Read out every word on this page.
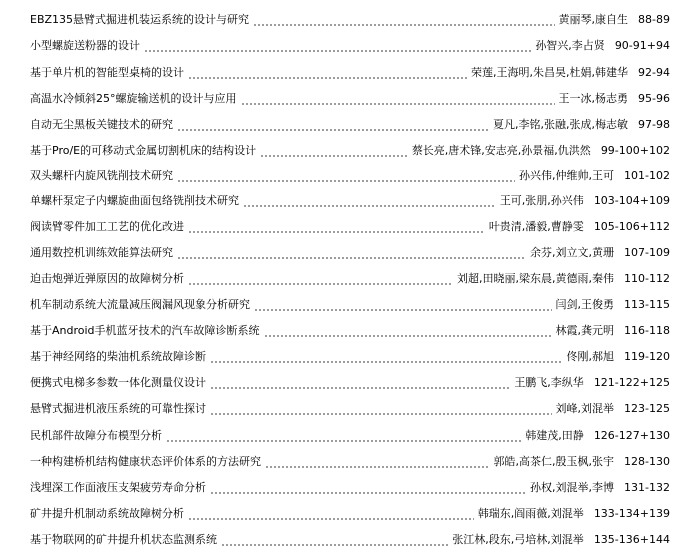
EBZ135悬臂式掘进机装运系统的设计与研究	黄丽琴,康自生 88-89
小型螺旋送粉器的设计	孙智兴,李占贤 90-91+94
基于单片机的智能型桌椅的设计	荣莲,王海明,朱昌昊,杜娟,韩建华 92-94
高温水冷倾斜25°螺旋输送机的设计与应用	王一冰,杨志勇 95-96
自动无尘黑板关键技术的研究	夏凡,李铭,张融,张成,梅志敏 97-98
基于Pro/E的可移动式金属切割机床的结构设计	蔡长亮,唐术锋,安志亮,孙景福,仇洪然 99-100+102
双头螺杆内旋风铣削技术研究	孙兴伟,仲维帅,王可 101-102
单螺杆泵定子内螺旋曲面包络铣削技术研究	王可,张朋,孙兴伟 103-104+109
阀读臂零件加工工艺的优化改进	叶贵清,潘毅,曹静雯 105-106+112
通用数控机训练效能算法研究	余芬,刘立文,黄珊 107-109
迫击炮弹近弹原因的故障树分析	刘超,田晓丽,梁东晨,黄德雨,秦伟 110-112
机车制动系统大流量减压阀漏风现象分析研究	闫剑,王俊勇 113-115
基于Android手机蓝牙技术的汽车故障诊断系统	林霞,龚元明 116-118
基于神经网络的柴油机系统故障诊断	佟刚,郝旭 119-120
便携式电梯多参数一体化测量仪设计	王鹏飞,李纵华 121-122+125
悬臂式掘进机液压系统的可靠性探讨	刘峰,刘混举 123-125
民机部件故障分布模型分析	韩建茂,田静 126-127+130
一种构建桥机结构健康状态评价体系的方法研究	郭皓,高茶仁,殷玉枫,张宇 128-130
浅埋深工作面液压支架疲劳寿命分析	孙权,刘混举,李博 131-132
矿井提升机制动系统故障树分析	韩瑞东,阎雨薇,刘混举 133-134+139
基于物联网的矿井提升机状态监测系统	张江林,段东,弓培林,刘混举 135-136+144
